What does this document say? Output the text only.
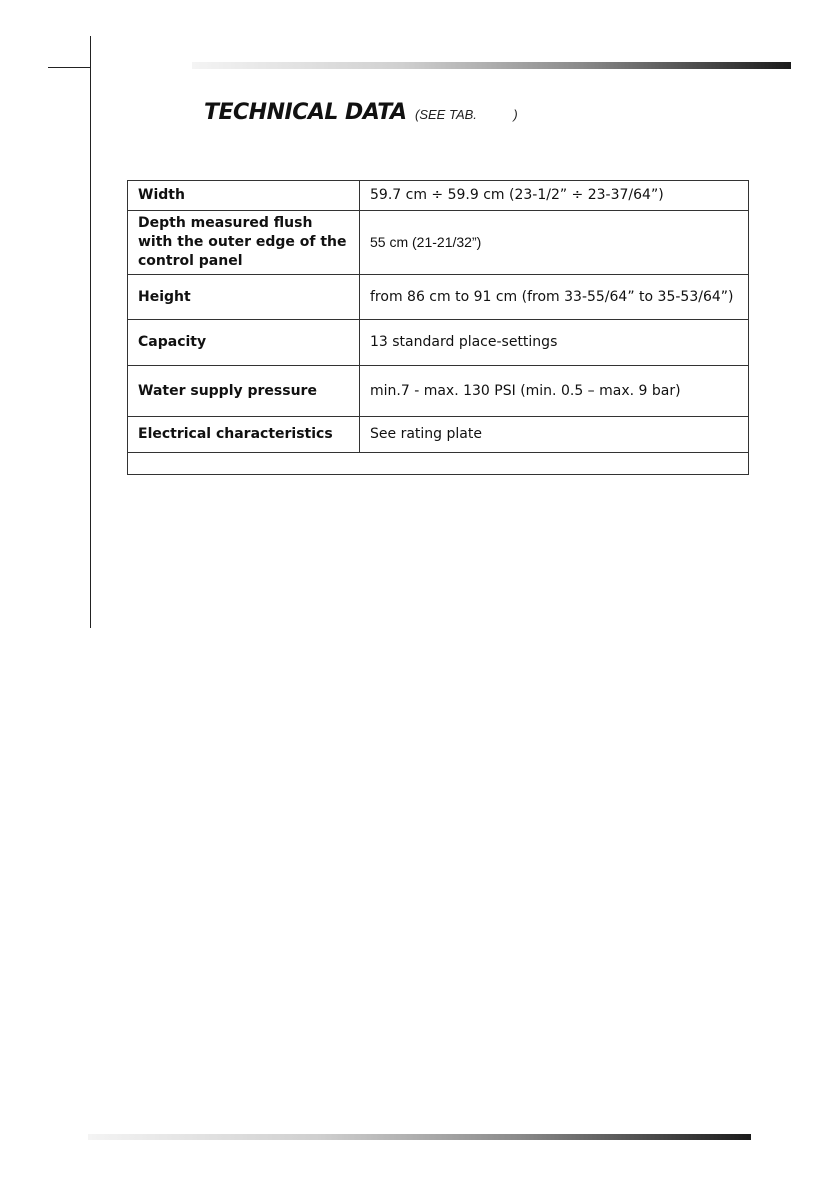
TECHNICAL DATA (SEE TAB.	)
Width	59.7 cm ÷ 59.9 cm (23-1/2” ÷ 23-37/64”)
Depth measured flush with the outer edge of the control panel	55 cm (21-21/32”)
Height	from 86 cm to 91 cm (from 33-55/64” to 35-53/64”)
Capacity	13 standard place-settings
Water supply pressure	min.7 - max. 130 PSI (min. 0.5 – max. 9 bar)
Electrical characteristics	See rating plate
